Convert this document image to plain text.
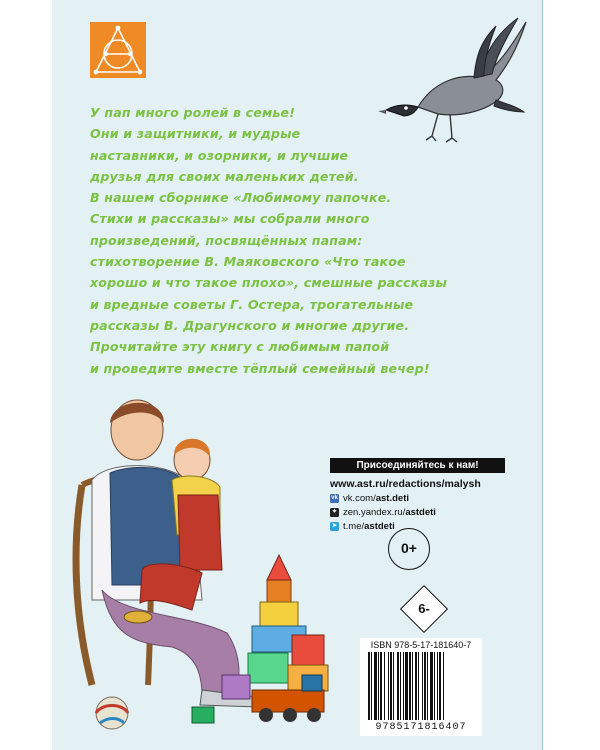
У пап много ролей в семье!
Они и защитники, и мудрые
наставники, и озорники, и лучшие
друзья для своих маленьких детей.
В нашем сборнике «Любимому папочке.
Стихи и рассказы» мы собрали много
произведений, посвящённых папам:
стихотворение В. Маяковского «Что такое
хорошо и что такое плохо», смешные рассказы
и вредные советы Г. Остера, трогательные
рассказы В. Драгунского и многие другие.
Прочитайте эту книгу с любимым папой
и проведите вместе тёплый семейный вечер!

Присоединяйтесь к нам!
www.ast.ru/redactions/malysh
vk vk.com/ ast.deti
✦ zen.yandex.ru/ astdeti
➤ t.me/ astdeti
0+
6-
ISBN 978-5-17-181640-7
9785171816407
